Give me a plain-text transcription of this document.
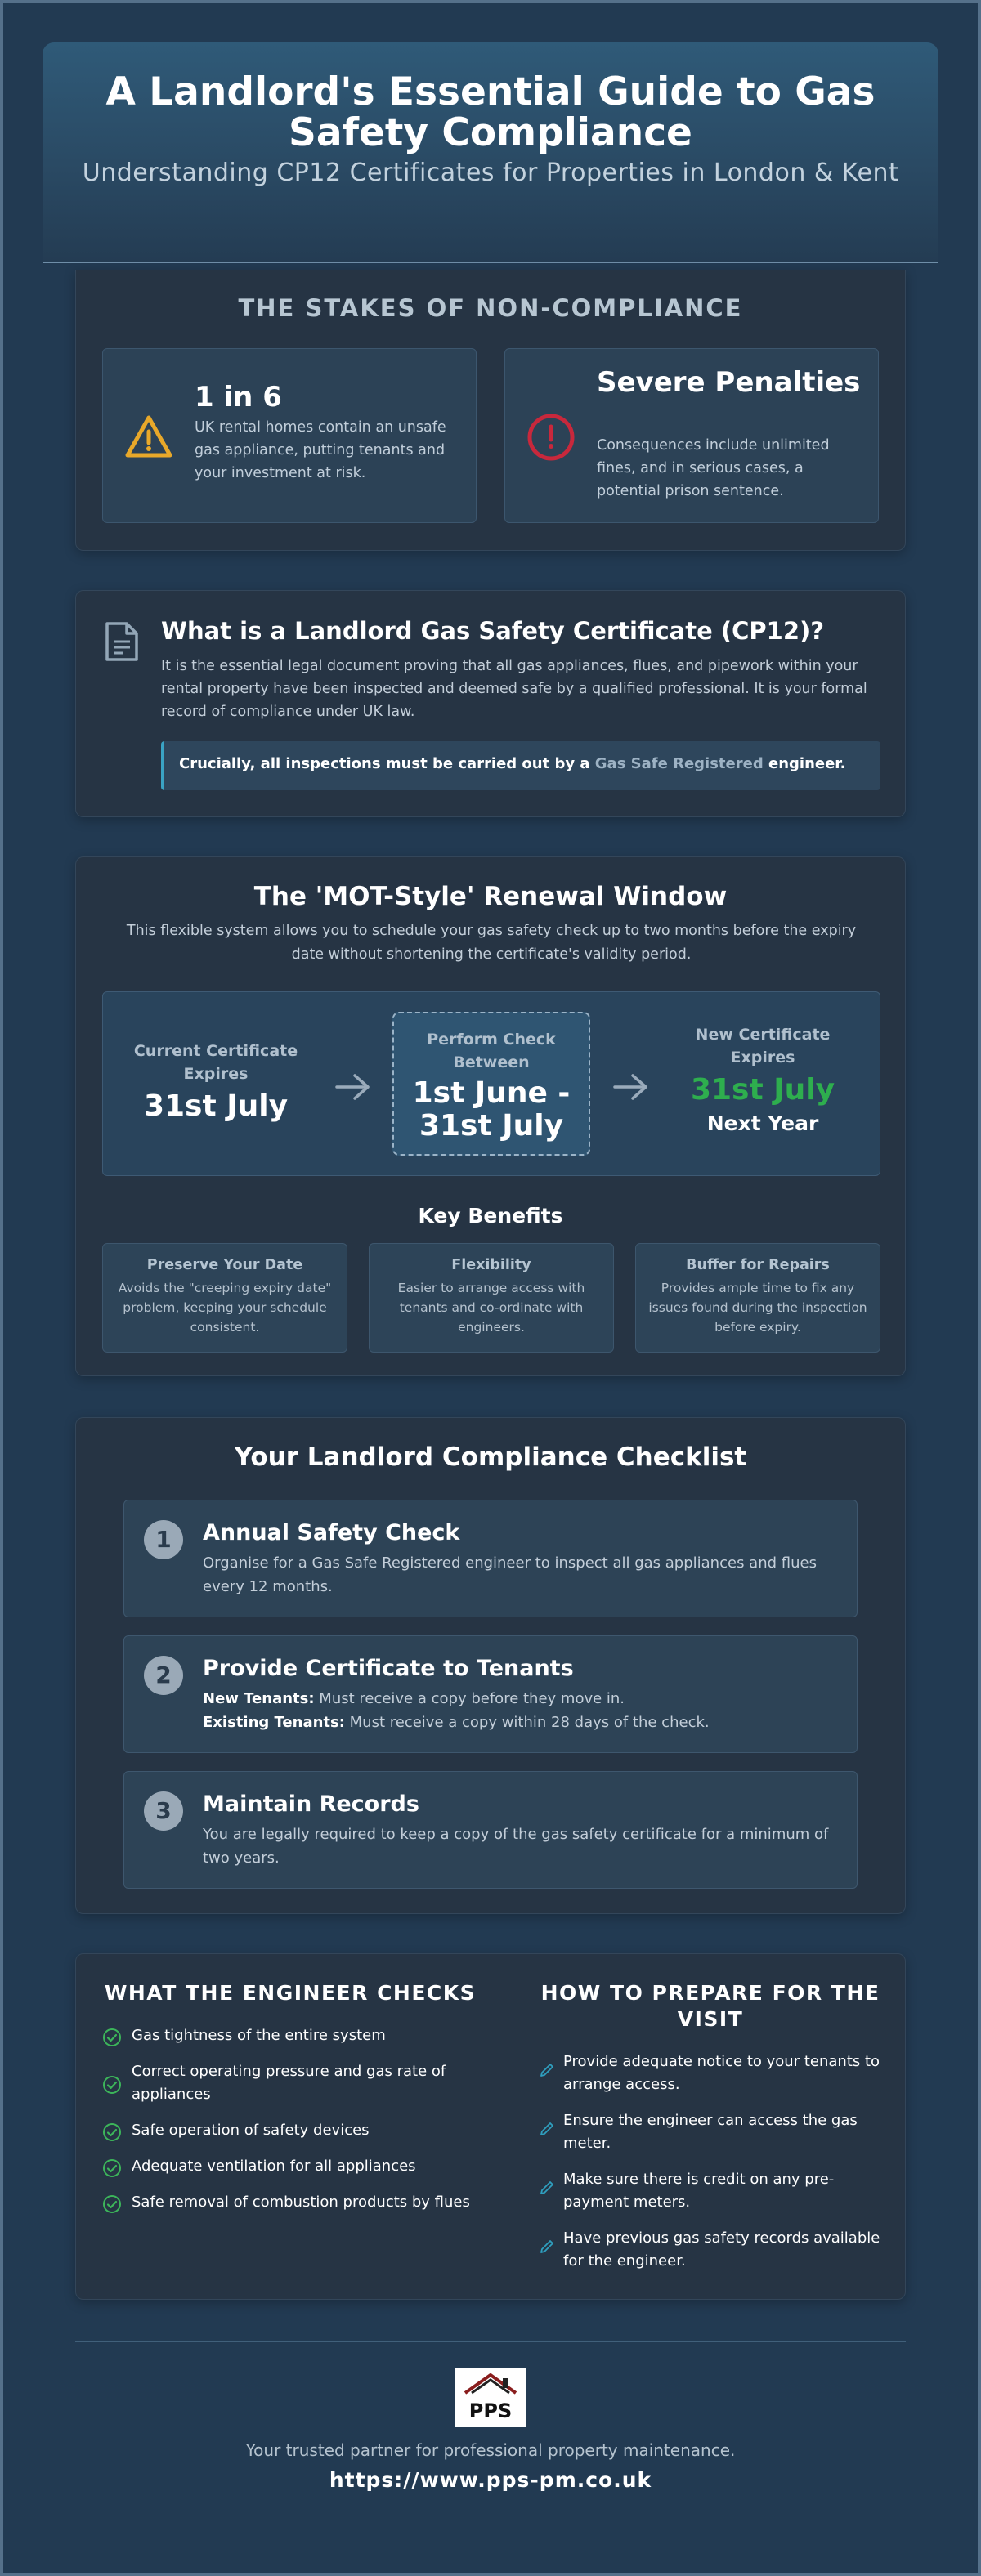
A Landlord's Essential Guide to Gas Safety Compliance
Understanding CP12 Certificates for Properties in London & Kent
THE STAKES OF NON-COMPLIANCE
1 in 6
UK rental homes contain an unsafe gas appliance, putting tenants and your investment at risk.
Severe Penalties
Consequences include unlimited fines, and in serious cases, a potential prison sentence.
What is a Landlord Gas Safety Certificate (CP12)?
It is the essential legal document proving that all gas appliances, flues, and pipework within your rental property have been inspected and deemed safe by a qualified professional. It is your formal record of compliance under UK law.
Crucially, all inspections must be carried out by a Gas Safe Registered engineer.
The 'MOT-Style' Renewal Window
This flexible system allows you to schedule your gas safety check up to two months before the expiry date without shortening the certificate's validity period.
Current Certificate Expires
31st July
Perform Check Between
1st June - 31st July
New Certificate Expires
31st July
Next Year
Key Benefits
Preserve Your Date
Avoids the "creeping expiry date" problem, keeping your schedule consistent.
Flexibility
Easier to arrange access with tenants and co-ordinate with engineers.
Buffer for Repairs
Provides ample time to fix any issues found during the inspection before expiry.
Your Landlord Compliance Checklist
1	Annual Safety Check
Organise for a Gas Safe Registered engineer to inspect all gas appliances and flues every 12 months.
2	Provide Certificate to Tenants
New Tenants: Must receive a copy before they move in.
Existing Tenants: Must receive a copy within 28 days of the check.
3	Maintain Records
You are legally required to keep a copy of the gas safety certificate for a minimum of two years.
WHAT THE ENGINEER CHECKS	HOW TO PREPARE FOR THE VISIT
Gas tightness of the entire system
Correct operating pressure and gas rate of appliances
Safe operation of safety devices
Adequate ventilation for all appliances
Safe removal of combustion products by flues
Provide adequate notice to your tenants to arrange access.
Ensure the engineer can access the gas meter.
Make sure there is credit on any pre-payment meters.
Have previous gas safety records available for the engineer.
PPS
Your trusted partner for professional property maintenance.
https://www.pps-pm.co.uk
